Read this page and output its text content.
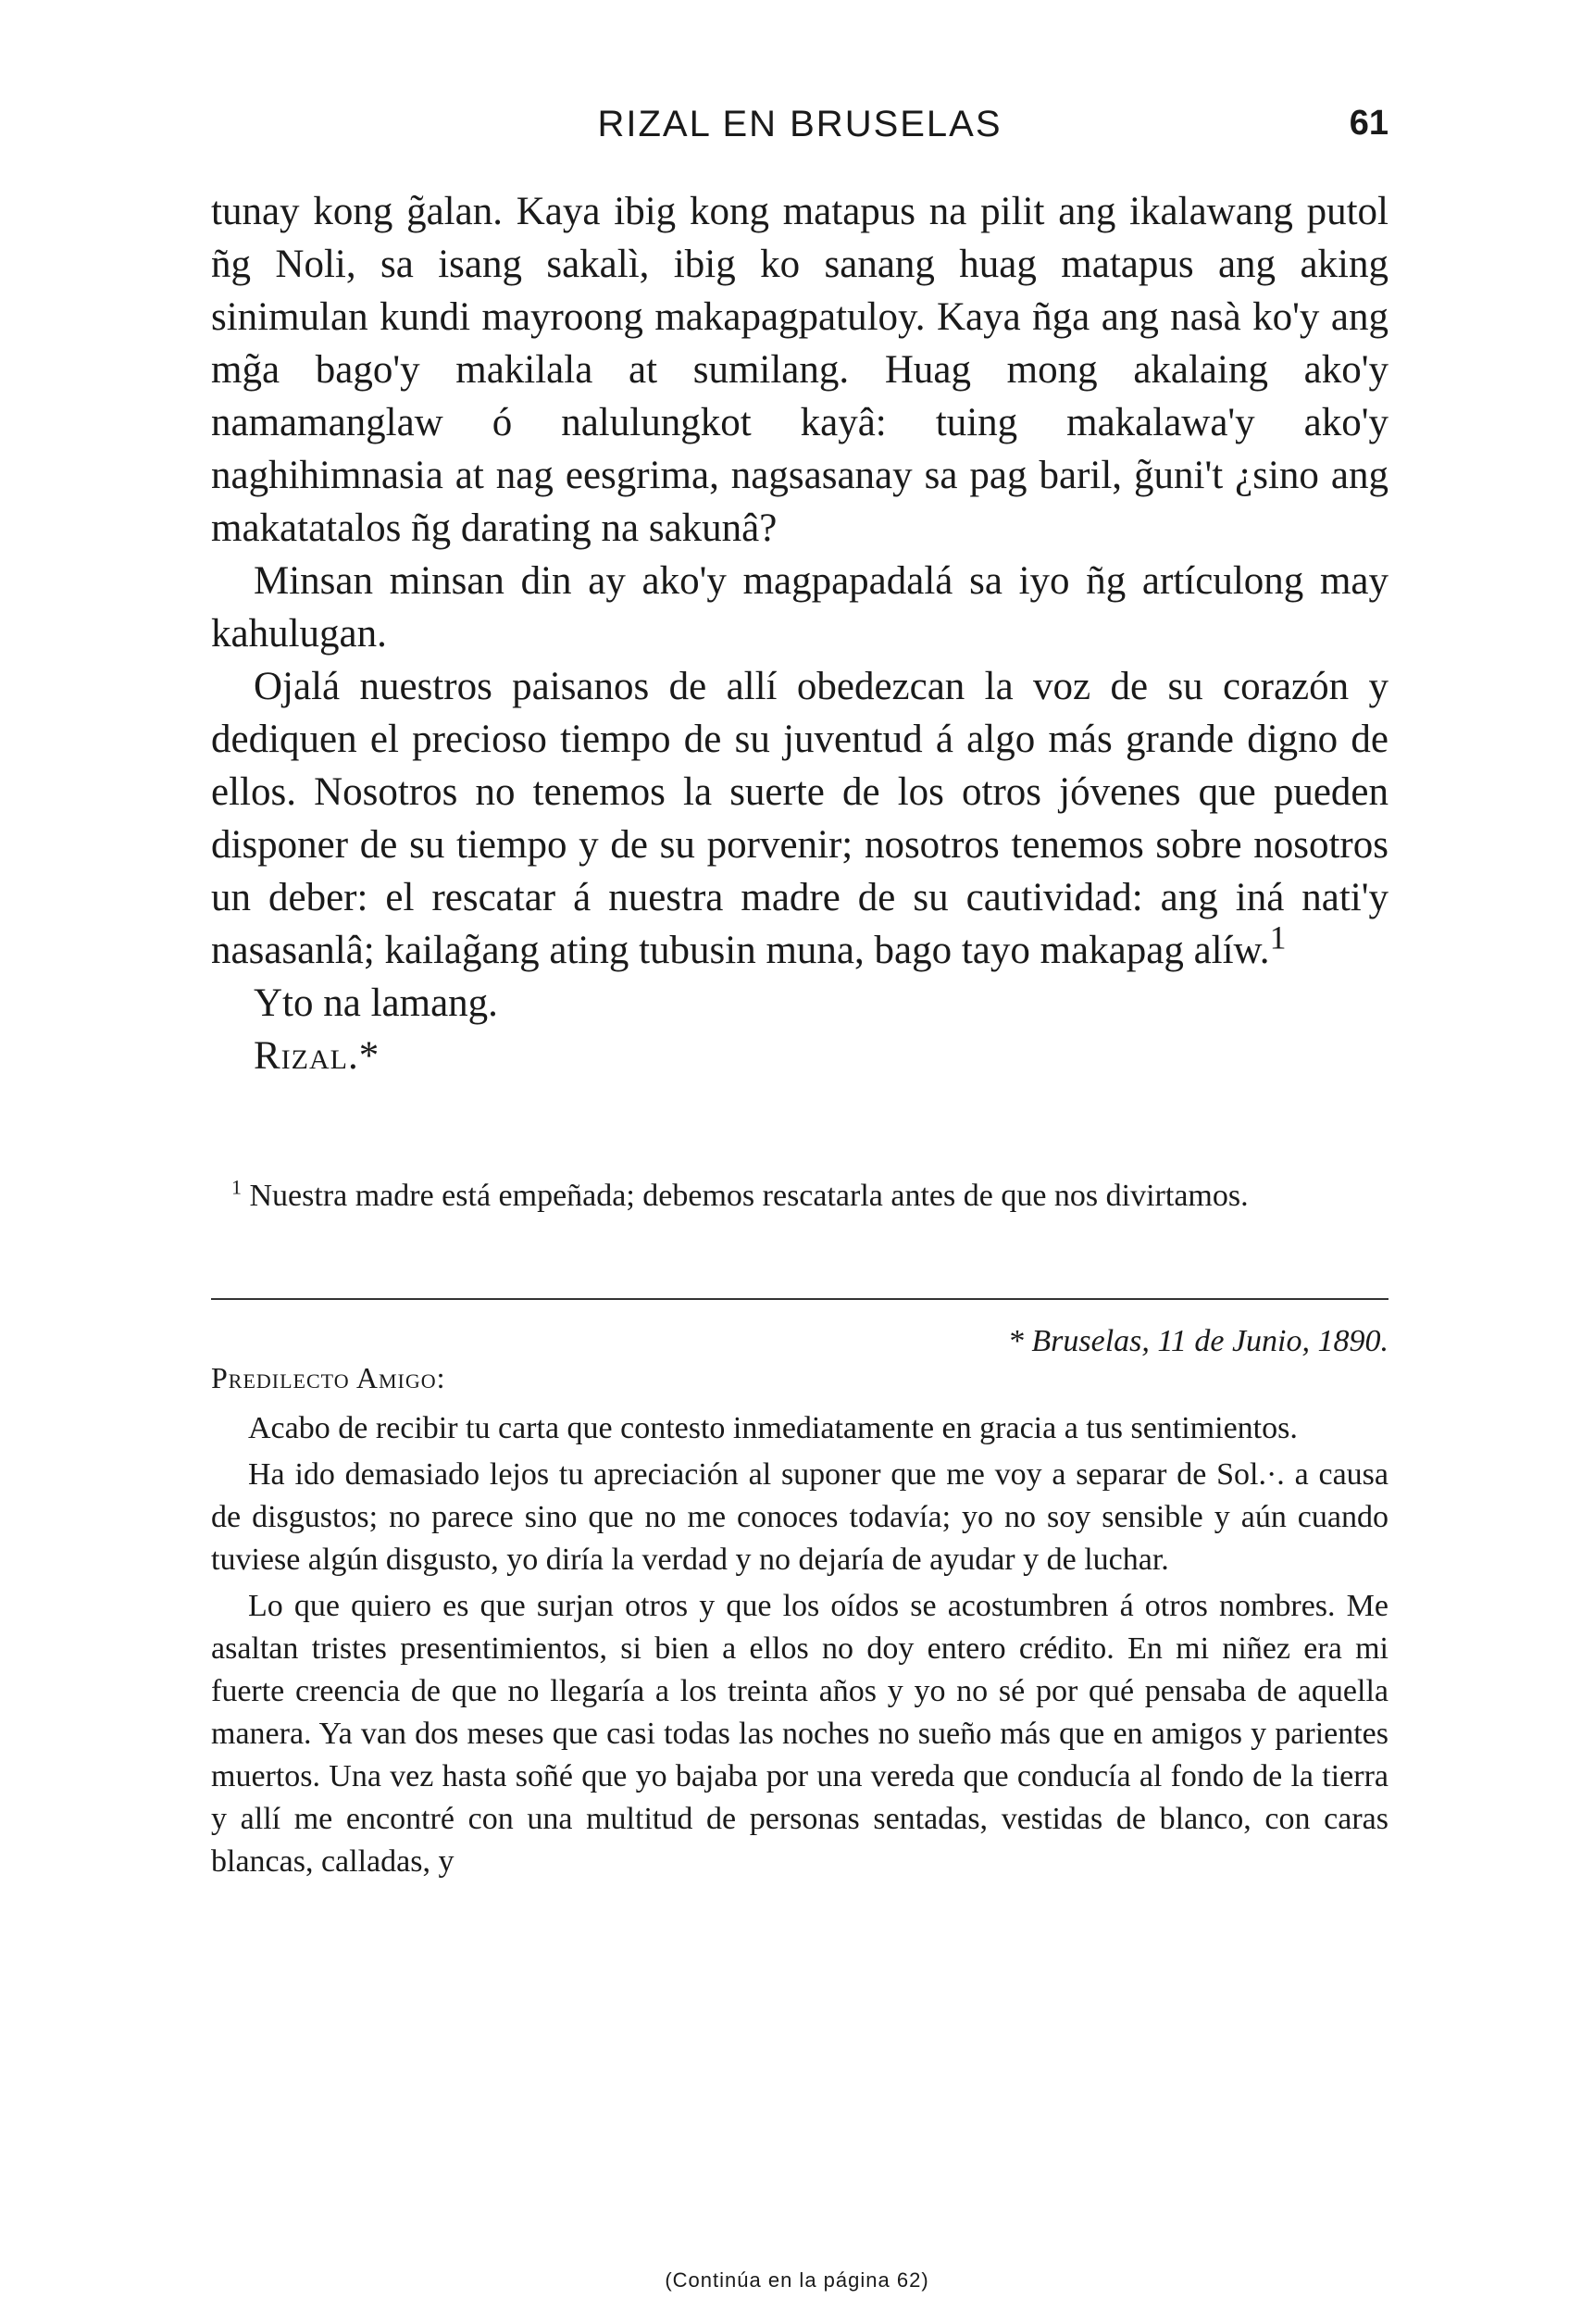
RIZAL EN BRUSELAS	61

tunay kong g̃alan. Kaya ibig kong matapus na pilit ang ikalawang putol ñg Noli, sa isang sakalì, ibig ko sanang huag matapus ang aking sinimulan kundi mayroong makapagpatuloy. Kaya ñga ang nasà ko'y ang mg̃a bago'y makilala at sumilang. Huag mong akalaing ako'y namamanglaw ó nalulungkot kayâ: tuing makalawa'y ako'y naghihimnasia at nag eesgrima, nagsasanay sa pag baril, g̃uni't ¿sino ang makatatalos ñg darating na sakunâ?

Minsan minsan din ay ako'y magpapadalá sa iyo ñg artículong may kahulugan.

Ojalá nuestros paisanos de allí obedezcan la voz de su corazón y dediquen el precioso tiempo de su juventud á algo más grande digno de ellos. Nosotros no tenemos la suerte de los otros jóvenes que pueden disponer de su tiempo y de su porvenir; nosotros tenemos sobre nosotros un deber: el rescatar á nuestra madre de su cautividad: ang iná nati'y nasasanlâ; kailag̃ang ating tubusin muna, bago tayo makapag alíw.$^1$

Yto na lamang.

Rizal.*

$^1$ Nuestra madre está empeñada; debemos rescatarla antes de que nos divirtamos.

* Bruselas, 11 de Junio, 1890.
Predilecto Amigo:

Acabo de recibir tu carta que contesto inmediatamente en gracia a tus sentimientos.

Ha ido demasiado lejos tu apreciación al suponer que me voy a separar de Sol.·. a causa de disgustos; no parece sino que no me conoces todavía; yo no soy sensible y aún cuando tuviese algún disgusto, yo diría la verdad y no dejaría de ayudar y de luchar.

Lo que quiero es que surjan otros y que los oídos se acostumbren á otros nombres. Me asaltan tristes presentimientos, si bien a ellos no doy entero crédito. En mi niñez era mi fuerte creencia de que no llegaría a los treinta años y yo no sé por qué pensaba de aquella manera. Ya van dos meses que casi todas las noches no sueño más que en amigos y parientes muertos. Una vez hasta soñé que yo bajaba por una vereda que conducía al fondo de la tierra y allí me encontré con una multitud de personas sentadas, vestidas de blanco, con caras blancas, calladas, y

(Continúa en la página 62)
